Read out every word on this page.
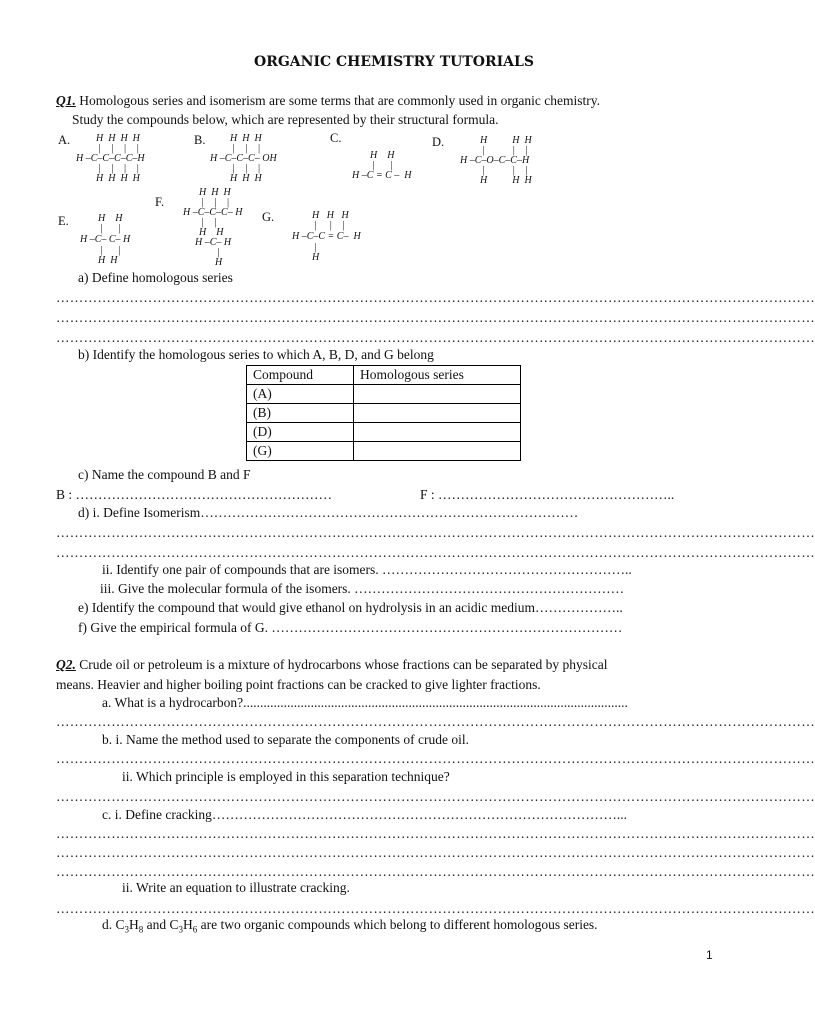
ORGANIC CHEMISTRY TUTORIALS
Q1. Homologous series and isomerism are some terms that are commonly used in organic chemistry.
Study the compounds below, which are represented by their structural formula.
A.	H  H  H  H
|    |    |    |
H –C–C–C–C–H
|    |    |    |
H  H  H  H
B. H  H  H
|    |    |
H –C–C–C– OH
|    |    |
H  H  H
C.
H    H
|      |
H –C = C –  H
D.	H          H  H
|           |    |
H –C–O–C–C–H
|           |    |
H          H  H
F.
H  H  H
|    |    |
H –C–C–C– H
|    |
H    H
H –C– H
|
H
E.	H    H
|      |
H –C– C– H
|      |
H  H
G.	H   H   H
|     |    |
H –C–C = C–  H
|
H
a) Define homologous series
…………………………………………………………………………………………………………………………………………………
…………………………………………………………………………………………………………………………………………………
…………………………………………………………………………………………………………………………………………………
b) Identify the homologous series to which A, B, D, and G belong
Compound	Homologous series
(A)	
(B)	
(D)	
(G)	
c) Name the compound B and F
B : …………………………………………………	F : ……………………………………………..
d) i. Define Isomerism…………………………………………………………………………
…………………………………………………………………………………………………………………………………………………
…………………………………………………………………………………………………………………………………………………
ii. Identify one pair of compounds that are isomers. ………………………………………………..
iii. Give the molecular formula of the isomers. ……………………………………………………
e) Identify the compound that would give ethanol on hydrolysis in an acidic medium………………..
f) Give the empirical formula of G. ……………………………………………………………………
Q2. Crude oil or petroleum is a mixture of hydrocarbons whose fractions can be separated by physical
means. Heavier and higher boiling point fractions can be cracked to give lighter fractions.
a. What is a hydrocarbon?..................................................................................................................
…………………………………………………………………………………………………………………………………………………
b. i. Name the method used to separate the components of crude oil.
…………………………………………………………………………………………………………………………………………………
ii. Which principle is employed in this separation technique?
…………………………………………………………………………………………………………………………………………………
c. i. Define cracking………………………………………………………………………………...
…………………………………………………………………………………………………………………………………………………
…………………………………………………………………………………………………………………………………………………
…………………………………………………………………………………………………………………………………………………
ii. Write an equation to illustrate cracking.
…………………………………………………………………………………………………………………………………………………
d. $C_3H_8$ and $C_3H_6$ are two organic compounds which belong to different homologous series.
1
